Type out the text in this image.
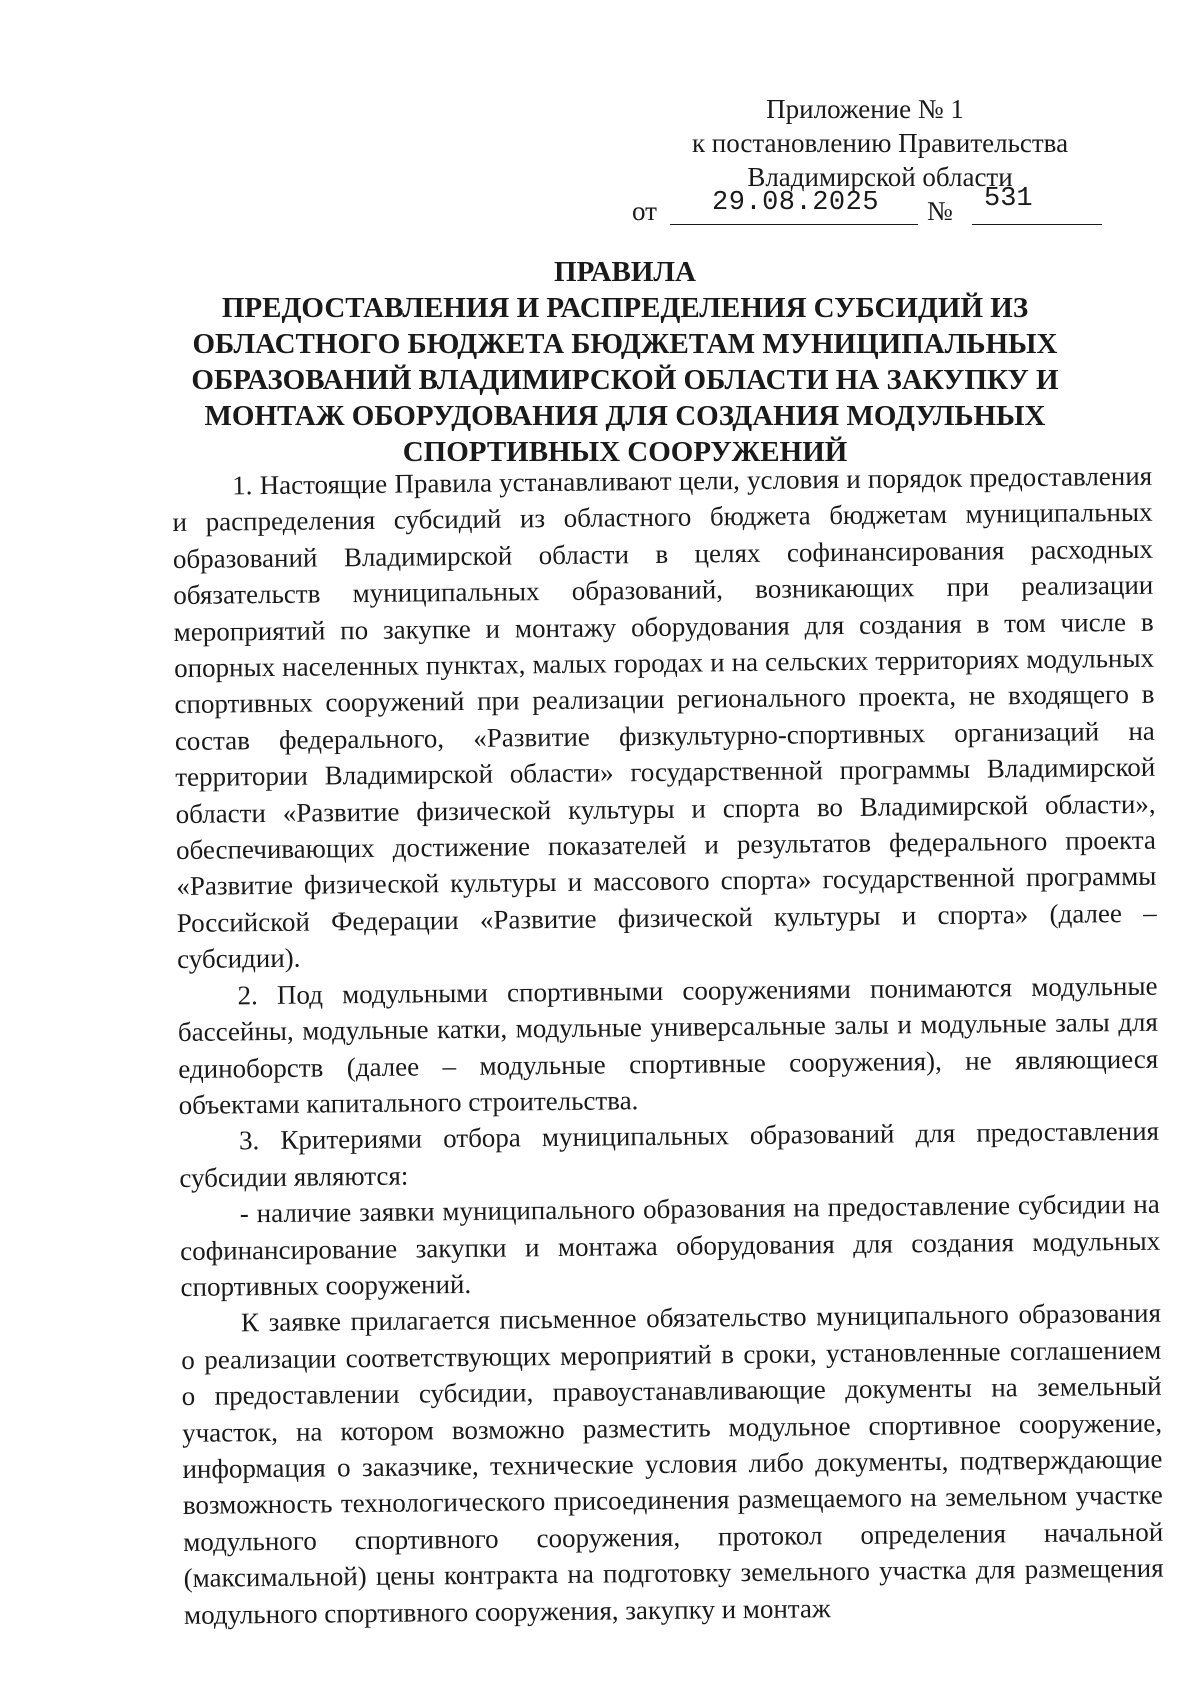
Приложение № 1
к постановлению Правительства
Владимирской области
от 29.08.2025 № 531
ПРАВИЛА
ПРЕДОСТАВЛЕНИЯ И РАСПРЕДЕЛЕНИЯ СУБСИДИЙ ИЗ
ОБЛАСТНОГО БЮДЖЕТА БЮДЖЕТАМ МУНИЦИПАЛЬНЫХ
ОБРАЗОВАНИЙ ВЛАДИМИРСКОЙ ОБЛАСТИ НА ЗАКУПКУ И
МОНТАЖ ОБОРУДОВАНИЯ ДЛЯ СОЗДАНИЯ МОДУЛЬНЫХ
СПОРТИВНЫХ СООРУЖЕНИЙ

1. Настоящие Правила устанавливают цели, условия и порядок предоставления и распределения субсидий из областного бюджета бюджетам муниципальных образований Владимирской области в целях софинансирования расходных обязательств муниципальных образований, возникающих при реализации мероприятий по закупке и монтажу оборудования для создания в том числе в опорных населенных пунктах, малых городах и на сельских территориях модульных спортивных сооружений при реализации регионального проекта, не входящего в состав федерального, «Развитие физкультурно-спортивных организаций на территории Владимирской области» государственной программы Владимирской области «Развитие физической культуры и спорта во Владимирской области», обеспечивающих достижение показателей и результатов федерального проекта «Развитие физической культуры и массового спорта» государственной программы Российской Федерации «Развитие физической культуры и спорта» (далее – субсидии).

2. Под модульными спортивными сооружениями понимаются модульные бассейны, модульные катки, модульные универсальные залы и модульные залы для единоборств (далее – модульные спортивные сооружения), не являющиеся объектами капитального строительства.

3. Критериями отбора муниципальных образований для предоставления субсидии являются:

- наличие заявки муниципального образования на предоставление субсидии на софинансирование закупки и монтажа оборудования для создания модульных спортивных сооружений.

К заявке прилагается письменное обязательство муниципального образования о реализации соответствующих мероприятий в сроки, установленные соглашением о предоставлении субсидии, правоустанавливающие документы на земельный участок, на котором возможно разместить модульное спортивное сооружение, информация о заказчике, технические условия либо документы, подтверждающие возможность технологического присоединения размещаемого на земельном участке модульного спортивного сооружения, протокол определения начальной (максимальной) цены контракта на подготовку земельного участка для размещения модульного спортивного сооружения, закупку и монтаж
